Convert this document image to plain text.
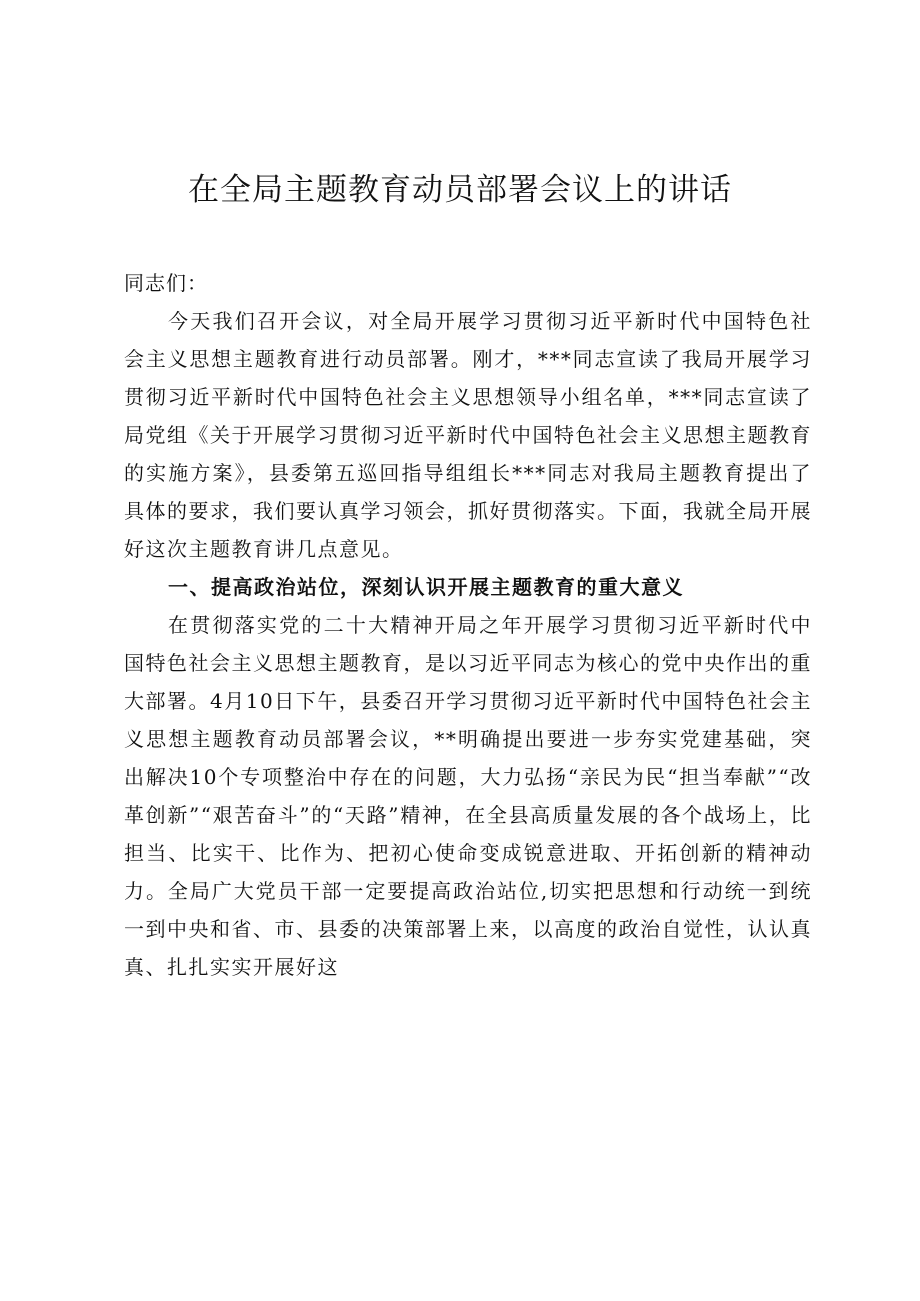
在全局主题教育动员部署会议上的讲话

同志们：

今天我们召开会议，对全局开展学习贯彻习近平新时代中国特色社会主义思想主题教育进行动员部署。刚才，***同志宣读了我局开展学习贯彻习近平新时代中国特色社会主义思想领导小组名单，***同志宣读了局党组《关于开展学习贯彻习近平新时代中国特色社会主义思想主题教育的实施方案》，县委第五巡回指导组组长***同志对我局主题教育提出了具体的要求，我们要认真学习领会，抓好贯彻落实。下面，我就全局开展好这次主题教育讲几点意见。

一、提高政治站位，深刻认识开展主题教育的重大意义

在贯彻落实党的二十大精神开局之年开展学习贯彻习近平新时代中国特色社会主义思想主题教育，是以习近平同志为核心的党中央作出的重大部署。4月10日下午，县委召开学习贯彻习近平新时代中国特色社会主义思想主题教育动员部署会议，**明确提出要进一步夯实党建基础，突出解决10个专项整治中存在的问题，大力弘扬“亲民为民“担当奉献”“改革创新”“艰苦奋斗”的“天路”精神，在全县高质量发展的各个战场上，比担当、比实干、比作为、把初心使命变成锐意进取、开拓创新的精神动力。全局广大党员干部一定要提高政治站位,切实把思想和行动统一到统一到中央和省、市、县委的决策部署上来，以高度的政治自觉性，认认真真、扎扎实实开展好这
